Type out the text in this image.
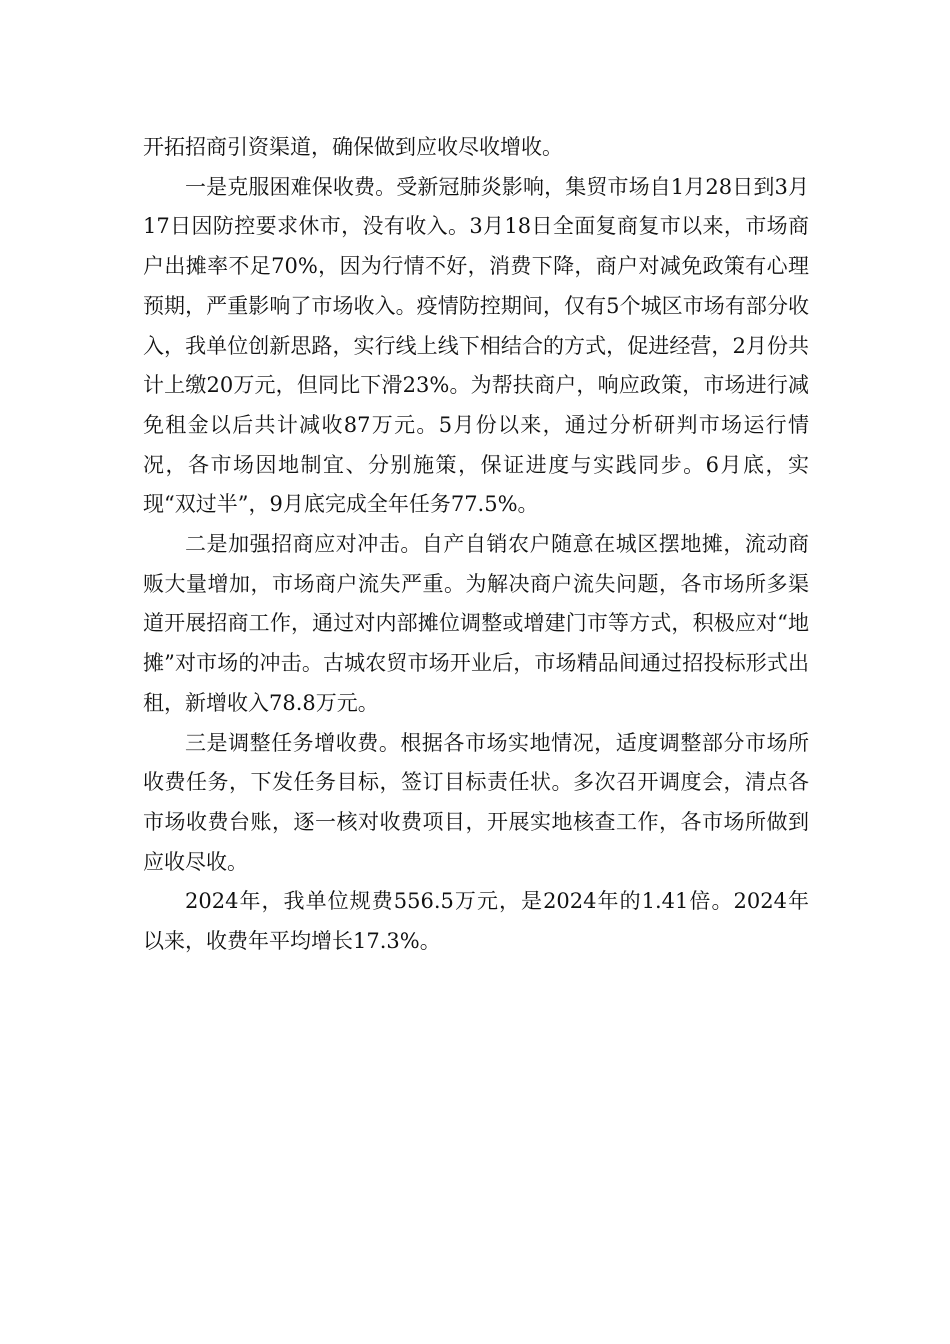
开拓招商引资渠道，确保做到应收尽收增收。

一是克服困难保收费。受新冠肺炎影响，集贸市场自1月28日到3月17日因防控要求休市，没有收入。3月18日全面复商复市以来，市场商户出摊率不足70%，因为行情不好，消费下降，商户对减免政策有心理预期，严重影响了市场收入。疫情防控期间，仅有5个城区市场有部分收入，我单位创新思路，实行线上线下相结合的方式，促进经营，2月份共计上缴20万元，但同比下滑23%。为帮扶商户，响应政策，市场进行减免租金以后共计减收87万元。5月份以来，通过分析研判市场运行情况，各市场因地制宜、分别施策，保证进度与实践同步。6月底，实现“双过半”，9月底完成全年任务77.5%。

二是加强招商应对冲击。自产自销农户随意在城区摆地摊，流动商贩大量增加，市场商户流失严重。为解决商户流失问题，各市场所多渠道开展招商工作，通过对内部摊位调整或增建门市等方式，积极应对“地摊”对市场的冲击。古城农贸市场开业后，市场精品间通过招投标形式出租，新增收入78.8万元。

三是调整任务增收费。根据各市场实地情况，适度调整部分市场所收费任务，下发任务目标，签订目标责任状。多次召开调度会，清点各市场收费台账，逐一核对收费项目，开展实地核查工作，各市场所做到应收尽收。

2024年，我单位规费556.5万元，是2024年的1.41倍。2024年以来，收费年平均增长17.3%。
